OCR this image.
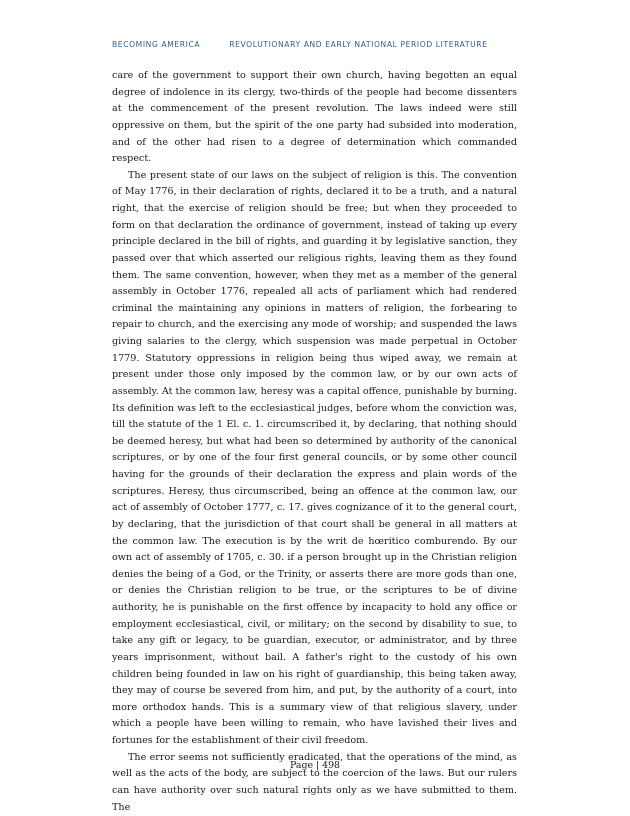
BECOMING AMERICA	REVOLUTIONARY AND EARLY NATIONAL PERIOD LITERATURE

care of the government to support their own church, having begotten an equal degree of indolence in its clergy, two-thirds of the people had become dissenters at the commencement of the present revolution. The laws indeed were still oppressive on them, but the spirit of the one party had subsided into moderation, and of the other had risen to a degree of determination which commanded respect.

The present state of our laws on the subject of religion is this. The convention of May 1776, in their declaration of rights, declared it to be a truth, and a natural right, that the exercise of religion should be free; but when they proceeded to form on that declaration the ordinance of government, instead of taking up every principle declared in the bill of rights, and guarding it by legislative sanction, they passed over that which asserted our religious rights, leaving them as they found them. The same convention, however, when they met as a member of the general assembly in October 1776, repealed all acts of parliament which had rendered criminal the maintaining any opinions in matters of religion, the forbearing to repair to church, and the exercising any mode of worship; and suspended the laws giving salaries to the clergy, which suspension was made perpetual in October 1779. Statutory oppressions in religion being thus wiped away, we remain at present under those only imposed by the common law, or by our own acts of assembly. At the common law, heresy was a capital offence, punishable by burning. Its definition was left to the ecclesiastical judges, before whom the conviction was, till the statute of the 1 El. c. 1. circumscribed it, by declaring, that nothing should be deemed heresy, but what had been so determined by authority of the canonical scriptures, or by one of the four first general councils, or by some other council having for the grounds of their declaration the express and plain words of the scriptures. Heresy, thus circumscribed, being an offence at the common law, our act of assembly of October 1777, c. 17. gives cognizance of it to the general court, by declaring, that the jurisdiction of that court shall be general in all matters at the common law. The execution is by the writ de hœritico comburendo. By our own act of assembly of 1705, c. 30. if a person brought up in the Christian religion denies the being of a God, or the Trinity, or asserts there are more gods than one, or denies the Christian religion to be true, or the scriptures to be of divine authority, he is punishable on the first offence by incapacity to hold any office or employment ecclesiastical, civil, or military; on the second by disability to sue, to take any gift or legacy, to be guardian, executor, or administrator, and by three years imprisonment, without bail. A father's right to the custody of his own children being founded in law on his right of guardianship, this being taken away, they may of course be severed from him, and put, by the authority of a court, into more orthodox hands. This is a summary view of that religious slavery, under which a people have been willing to remain, who have lavished their lives and fortunes for the establishment of their civil freedom.

The error seems not sufficiently eradicated, that the operations of the mind, as well as the acts of the body, are subject to the coercion of the laws. But our rulers can have authority over such natural rights only as we have submitted to them. The

Page | 498
